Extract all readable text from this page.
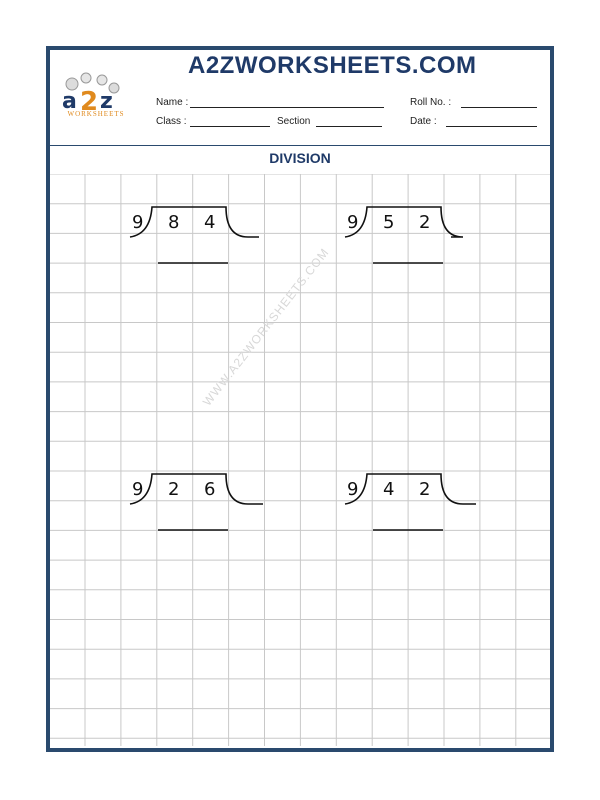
a 2 z
WORKSHEETS
A2ZWORKSHEETS.COM
Name :	Roll No. :
Class :	Section	Date :
DIVISION
WWW.A2ZWORKSHEETS.COM
9 8 4	9 5 2
9 2 6	9 4 2
